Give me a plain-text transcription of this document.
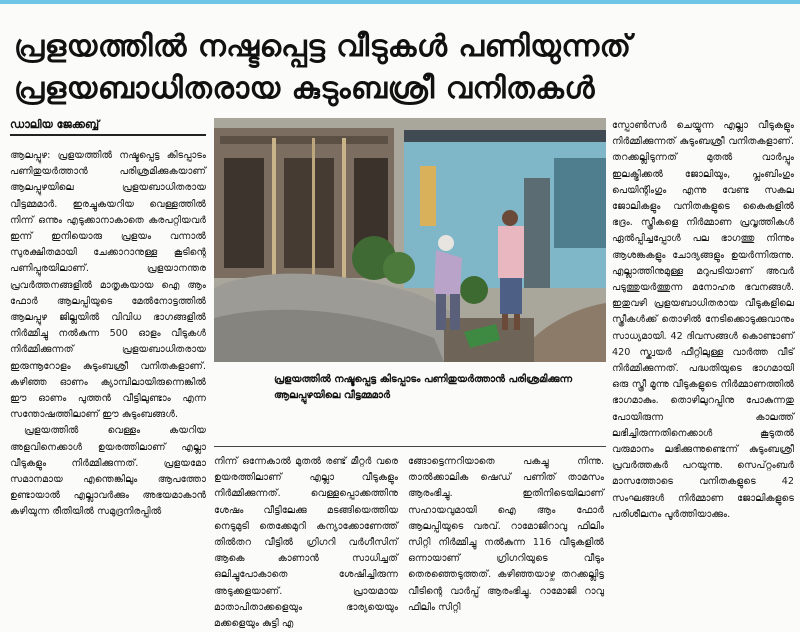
പ്രളയത്തിൽ നഷ്ടപ്പെട്ട വീടുകൾ പണിയുന്നത്
പ്രളയബാധിതരായ കുടുംബശ്രീ വനിതകൾ
ഡാലിയ ജേക്കബ്ബ്

ആലപ്പുഴ: പ്രളയത്തിൽ നഷ്ടപ്പെട്ട കിടപ്പാടം പണിതുയർത്താൻ പരിശ്രമിക്കുകയാണ് ആലപ്പുഴയിലെ പ്രളയബാധിതരായ വീട്ടമ്മമാർ. ഇരച്ചുകയറിയ വെള്ളത്തിൽ നിന്ന് ഒന്നും എടുക്കാനാകാതെ കരപറ്റിയവർ ഇന്ന് ഇനിയൊരു പ്രളയം വന്നാൽ സുരക്ഷിതമായി ചേക്കാറാനുള്ള കൂടിന്റെ പണിപ്പുരയിലാണ്. പ്രളയാനന്തര പ്രവർത്തനങ്ങളിൽ മാതൃകയായ ഐ ആം ഫോർ ആലപ്പിയുടെ മേൽനോട്ടത്തിൽ ആലപ്പുഴ ജില്ലയിൽ വിവിധ ഭാഗങ്ങളിൽ നിർമ്മിച്ചു നൽകുന്ന 500 ഓളം വീടുകൾ നിർമ്മിക്കുന്നത് പ്രളയബാധിതരായ ഇരുന്നൂറോളം കുടുംബശ്രീ വനിതകളാണ്. കഴിഞ്ഞ ഓണം ക്യാമ്പിലായിരുന്നെങ്കിൽ ഈ ഓണം പുത്തൻ വീട്ടിലുണ്ടാം എന്ന സന്തോഷത്തിലാണ് ഈ കുടുംബങ്ങൾ.

പ്രളയത്തിൽ വെള്ളം കയറിയ അളവിനെക്കാൾ ഉയരത്തിലാണ് എല്ലാ വീടുകളും നിർമ്മിക്കുന്നത്. പ്രളയമോ സമാനമായ എന്തെങ്കിലും ആപത്തോ ഉണ്ടായാൽ എല്ലാവർക്കും അഭയമാകാൻ കഴിയുന്ന രീതിയിൽ സമുദ്രനിരപ്പിൽ

പ്രളയത്തിൽ നഷ്ടപ്പെട്ട കിടപ്പാടം പണിതുയർത്താൻ പരിശ്രമിക്കുന്ന ആലപ്പുഴയിലെ വീട്ടമ്മമാർ

നിന്ന് ഒന്നേകാൽ മുതൽ രണ്ട് മീറ്റർ വരെ ഉയരത്തിലാണ് എല്ലാ വീടുകളും നിർമ്മിക്കുന്നത്. വെള്ളപ്പൊക്കത്തിനു ശേഷം വീട്ടിലേക്കു മടങ്ങിയെത്തിയ നെടുമുടി തെക്കേമുറി കന്യാക്കോണേത്ത് തിൽതറ വീട്ടിൽ ഗ്രിഗറി വർഗീസിന് ആകെ കാണാൻ സാധിച്ചത് ഒലിച്ചുപോകാതെ ശേഷിച്ചിരുന്ന അടുക്കളയാണ്. പ്രായമായ മാതാപിതാക്കളെയും ഭാര്യയെയും മക്കളെയും കുട്ടി എ

ങ്ങോട്ടെന്നറിയാതെ പകച്ചു നിന്നു. താൽക്കാലിക ഷെഡ് പണിത് താമസം ആരംഭിച്ചു. ഇതിനിടെയിലാണ് സഹായവുമായി ഐ ആം ഫോർ ആലപ്പിയുടെ വരവ്. റാമോജിറാവു ഫിലിം സിറ്റി നിർമ്മിച്ചു നൽകുന്ന 116 വീടുകളിൽ ഒന്നായാണ് ഗ്രിഗറിയുടെ വീടും തെരഞ്ഞെടുത്തത്. കഴിഞ്ഞയാഴ്ച തറക്കല്ലിട്ട വീടിന്റെ വാർപ്പ് ആരംഭിച്ചു. റാമോജി റാവു ഫിലിം സിറ്റി

സ്പോൺസർ ചെയ്യുന്ന എല്ലാ വീടുകളും നിർമ്മിക്കുന്നത് കുടുംബശ്രീ വനിതകളാണ്. തറക്കല്ലിടുന്നത് മുതൽ വാർപ്പും ഇലക്ട്രിക്കൽ ജോലിയും, പ്ലംബിംഗും പെയിന്റിംഗും എന്നു വേണ്ട സകല ജോലികളും വനിതകളുടെ കൈകളിൽ ഭദ്രം. സ്ത്രീകളെ നിർമ്മാണ പ്രവൃത്തികൾ ഏൽപ്പിച്ചപ്പോൾ പല ഭാഗത്തു നിന്നും ആശങ്കകളും ചോദ്യങ്ങളും ഉയർന്നിരുന്നു. എല്ലാത്തിനുമുള്ള മറുപടിയാണ് അവർ പടുത്തുയർത്തുന്ന മനോഹര ഭവനങ്ങൾ. ഇതുവഴി പ്രളയബാധിതരായ വീടുകളിലെ സ്ത്രീകൾക്ക് തൊഴിൽ നേടിക്കൊടുക്കുവാനും സാധ്യമായി. 42 ദിവസങ്ങൾ കൊണ്ടാണ് 420 സ്ക്വയർ ഫീറ്റിലുള്ള വാർത്ത വീട് നിർമ്മിക്കുന്നത്. പദ്ധതിയുടെ ഭാഗമായി ഒരു സ്ത്രീ മൂന്നു വീടുകളുടെ നിർമ്മാണത്തിൽ ഭാഗമാകും. തൊഴിലുറപ്പിനു പോകുന്നതു പോയിരുന്ന കാലത്ത് ലഭിച്ചിരുന്നതിനെക്കാൾ കൂടുതൽ വരുമാനം ലഭിക്കുന്നുണ്ടെന്ന് കുടുംബശ്രീ പ്രവർത്തകർ പറയുന്നു. സെപ്റ്റംബർ മാസത്തോടെ വനിതകളുടെ 42 സംഘങ്ങൾ നിർമ്മാണ ജോലികളുടെ പരിശീലനം പൂർത്തിയാക്കും.
